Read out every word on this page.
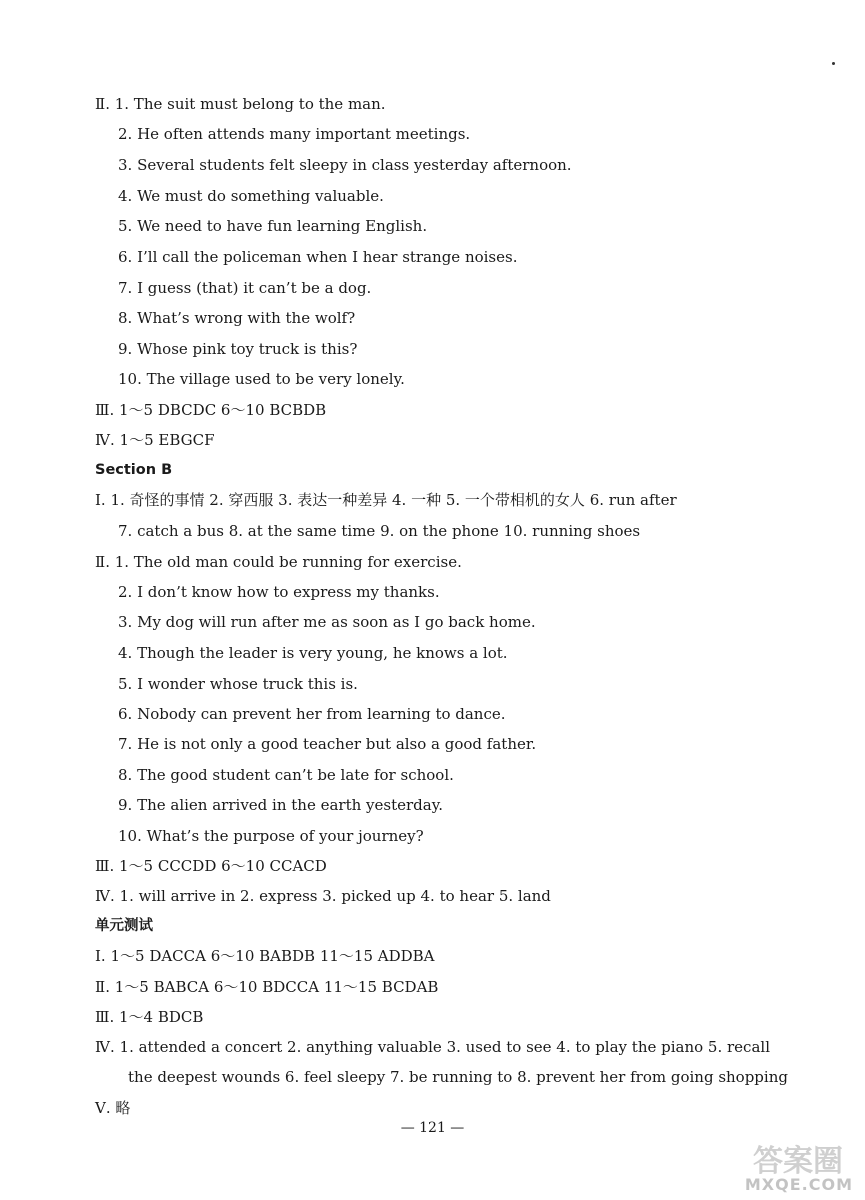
Ⅱ. 1. The suit must belong to the man.
2. He often attends many important meetings.
3. Several students felt sleepy in class yesterday afternoon.
4. We must do something valuable.
5. We need to have fun learning English.
6. I’ll call the policeman when I hear strange noises.
7. I guess (that) it can’t be a dog.
8. What’s wrong with the wolf?
9. Whose pink toy truck is this?
10. The village used to be very lonely.
Ⅲ. 1～5 DBCDC 6～10 BCBDB
Ⅳ. 1～5 EBGCF
Section B
Ⅰ. 1. 奇怪的事情 2. 穿西服 3. 表达一种差异 4. 一种 5. 一个带相机的女人 6. run after
7. catch a bus 8. at the same time 9. on the phone 10. running shoes
Ⅱ. 1. The old man could be running for exercise.
2. I don’t know how to express my thanks.
3. My dog will run after me as soon as I go back home.
4. Though the leader is very young, he knows a lot.
5. I wonder whose truck this is.
6. Nobody can prevent her from learning to dance.
7. He is not only a good teacher but also a good father.
8. The good student can’t be late for school.
9. The alien arrived in the earth yesterday.
10. What’s the purpose of your journey?
Ⅲ. 1～5 CCCDD 6～10 CCACD
Ⅳ. 1. will arrive in 2. express 3. picked up 4. to hear 5. land
单元测试
Ⅰ. 1～5 DACCA 6～10 BABDB 11～15 ADDBA
Ⅱ. 1～5 BABCA 6～10 BDCCA 11～15 BCDAB
Ⅲ. 1～4 BDCB
Ⅳ. 1. attended a concert 2. anything valuable 3. used to see 4. to play the piano 5. recall
the deepest wounds 6. feel sleepy 7. be running to 8. prevent her from going shopping
Ⅴ. 略
— 121 —
答案圈
MXQE.COM
